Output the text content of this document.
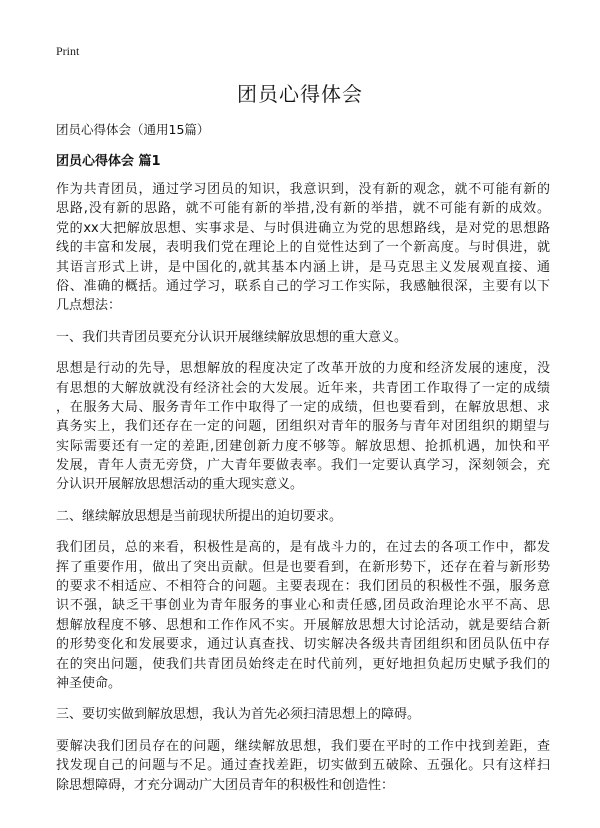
Print
团员心得体会
团员心得体会（通用15篇）
团员心得体会 篇1
作为共青团员，通过学习团员的知识，我意识到，没有新的观念，就不可能有新的
思路,没有新的思路，就不可能有新的举措,没有新的举措，就不可能有新的成效。
党的xx大把解放思想、实事求是、与时俱进确立为党的思想路线，是对党的思想路
线的丰富和发展，表明我们党在理论上的自觉性达到了一个新高度。与时俱进，就
其语言形式上讲，是中国化的,就其基本内涵上讲，是马克思主义发展观直接、通
俗、准确的概括。通过学习，联系自己的学习工作实际，我感触很深，主要有以下
几点想法：
一、我们共青团员要充分认识开展继续解放思想的重大意义。
思想是行动的先导，思想解放的程度决定了改革开放的力度和经济发展的速度，没
有思想的大解放就没有经济社会的大发展。近年来，共青团工作取得了一定的成绩
，在服务大局、服务青年工作中取得了一定的成绩，但也要看到，在解放思想、求
真务实上，我们还存在一定的问题，团组织对青年的服务与青年对团组织的期望与
实际需要还有一定的差距,团建创新力度不够等。解放思想、抢抓机遇，加快和平
发展，青年人责无旁贷，广大青年要做表率。我们一定要认真学习，深刻领会，充
分认识开展解放思想活动的重大现实意义。
二、继续解放思想是当前现状所提出的迫切要求。
我们团员，总的来看，积极性是高的，是有战斗力的，在过去的各项工作中，都发
挥了重要作用，做出了突出贡献。但是也要看到，在新形势下，还存在着与新形势
的要求不相适应、不相符合的问题。主要表现在：我们团员的积极性不强，服务意
识不强，缺乏干事创业为青年服务的事业心和责任感,团员政治理论水平不高、思
想解放程度不够、思想和工作作风不实。开展解放思想大讨论活动，就是要结合新
的形势变化和发展要求，通过认真查找、切实解决各级共青团组织和团员队伍中存
在的突出问题，使我们共青团员始终走在时代前列，更好地担负起历史赋予我们的
神圣使命。
三、要切实做到解放思想，我认为首先必须扫清思想上的障碍。
要解决我们团员存在的问题，继续解放思想，我们要在平时的工作中找到差距，查
找发现自己的问题与不足。通过查找差距，切实做到五破除、五强化。只有这样扫
除思想障碍，才充分调动广大团员青年的积极性和创造性：
